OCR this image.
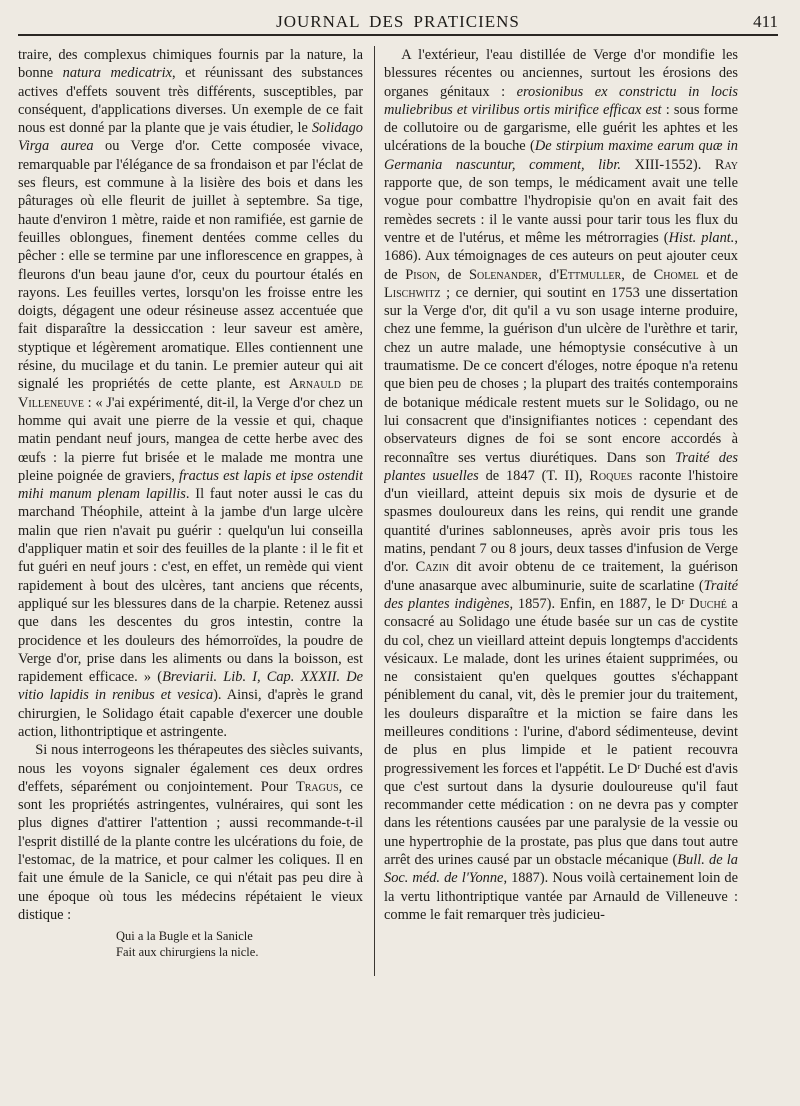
JOURNAL DES PRATICIENS	411

traire, des complexus chimiques fournis par la nature, la bonne natura medicatrix, et réunissant des substances actives d'effets souvent très différents, susceptibles, par conséquent, d'applications diverses. Un exemple de ce fait nous est donné par la plante que je vais étudier, le Solidago Virga aurea ou Verge d'or. Cette composée vivace, remarquable par l'élégance de sa frondaison et par l'éclat de ses fleurs, est commune à la lisière des bois et dans les pâturages où elle fleurit de juillet à septembre. Sa tige, haute d'environ 1 mètre, raide et non ramifiée, est garnie de feuilles oblongues, finement dentées comme celles du pêcher : elle se termine par une inflorescence en grappes, à fleurons d'un beau jaune d'or, ceux du pourtour étalés en rayons. Les feuilles vertes, lorsqu'on les froisse entre les doigts, dégagent une odeur résineuse assez accentuée que fait disparaître la dessiccation : leur saveur est amère, styptique et légèrement aromatique. Elles contiennent une résine, du mucilage et du tanin. Le premier auteur qui ait signalé les propriétés de cette plante, est Arnauld de Villeneuve : « J'ai expérimenté, dit-il, la Verge d'or chez un homme qui avait une pierre de la vessie et qui, chaque matin pendant neuf jours, mangea de cette herbe avec des œufs : la pierre fut brisée et le malade me montra une pleine poignée de graviers, fractus est lapis et ipse ostendit mihi manum plenam lapillis. Il faut noter aussi le cas du marchand Théophile, atteint à la jambe d'un large ulcère malin que rien n'avait pu guérir : quelqu'un lui conseilla d'appliquer matin et soir des feuilles de la plante : il le fit et fut guéri en neuf jours : c'est, en effet, un remède qui vient rapidement à bout des ulcères, tant anciens que récents, appliqué sur les blessures dans de la charpie. Retenez aussi que dans les descentes du gros intestin, contre la procidence et les douleurs des hémorroïdes, la poudre de Verge d'or, prise dans les aliments ou dans la boisson, est rapidement efficace. » (Breviarii. Lib. I, Cap. XXXII. De vitio lapidis in renibus et vesica). Ainsi, d'après le grand chirurgien, le Solidago était capable d'exercer une double action, lithontriptique et astringente.

Si nous interrogeons les thérapeutes des siècles suivants, nous les voyons signaler également ces deux ordres d'effets, séparément ou conjointement. Pour Tragus, ce sont les propriétés astringentes, vulnéraires, qui sont les plus dignes d'attirer l'attention ; aussi recommande-t-il l'esprit distillé de la plante contre les ulcérations du foie, de l'estomac, de la matrice, et pour calmer les coliques. Il en fait une émule de la Sanicle, ce qui n'était pas peu dire à une époque où tous les médecins répétaient le vieux distique :

Qui a la Bugle et la Sanicle
Fait aux chirurgiens la nicle.

A l'extérieur, l'eau distillée de Verge d'or mondifie les blessures récentes ou anciennes, surtout les érosions des organes génitaux : erosionibus ex constrictu in locis muliebribus et virilibus ortis mirifice efficax est : sous forme de collutoire ou de gargarisme, elle guérit les aphtes et les ulcérations de la bouche (De stirpium maxime earum quæ in Germania nascuntur, comment, libr. XIII-1552). Ray rapporte que, de son temps, le médicament avait une telle vogue pour combattre l'hydropisie qu'on en avait fait des remèdes secrets : il le vante aussi pour tarir tous les flux du ventre et de l'utérus, et même les métrorragies (Hist. plant., 1686). Aux témoignages de ces auteurs on peut ajouter ceux de Pison, de Solenander, d'Ettmuller, de Chomel et de Lischwitz ; ce dernier, qui soutint en 1753 une dissertation sur la Verge d'or, dit qu'il a vu son usage interne produire, chez une femme, la guérison d'un ulcère de l'urèthre et tarir, chez un autre malade, une hémoptysie consécutive à un traumatisme. De ce concert d'éloges, notre époque n'a retenu que bien peu de choses ; la plupart des traités contemporains de botanique médicale restent muets sur le Solidago, ou ne lui consacrent que d'insignifiantes notices : cependant des observateurs dignes de foi se sont encore accordés à reconnaître ses vertus diurétiques. Dans son Traité des plantes usuelles de 1847 (T. II), Roques raconte l'histoire d'un vieillard, atteint depuis six mois de dysurie et de spasmes douloureux dans les reins, qui rendit une grande quantité d'urines sablonneuses, après avoir pris tous les matins, pendant 7 ou 8 jours, deux tasses d'infusion de Verge d'or. Cazin dit avoir obtenu de ce traitement, la guérison d'une anasarque avec albuminurie, suite de scarlatine (Traité des plantes indigènes, 1857). Enfin, en 1887, le Dʳ Duché a consacré au Solidago une étude basée sur un cas de cystite du col, chez un vieillard atteint depuis longtemps d'accidents vésicaux. Le malade, dont les urines étaient supprimées, ou ne consistaient qu'en quelques gouttes s'échappant péniblement du canal, vit, dès le premier jour du traitement, les douleurs disparaître et la miction se faire dans les meilleures conditions : l'urine, d'abord sédimenteuse, devint de plus en plus limpide et le patient recouvra progressivement les forces et l'appétit. Le Dʳ Duché est d'avis que c'est surtout dans la dysurie douloureuse qu'il faut recommander cette médication : on ne devra pas y compter dans les rétentions causées par une paralysie de la vessie ou une hypertrophie de la prostate, pas plus que dans tout autre arrêt des urines causé par un obstacle mécanique (Bull. de la Soc. méd. de l'Yonne, 1887). Nous voilà certainement loin de la vertu lithontriptique vantée par Arnauld de Villeneuve : comme le fait remarquer très judicieu-
